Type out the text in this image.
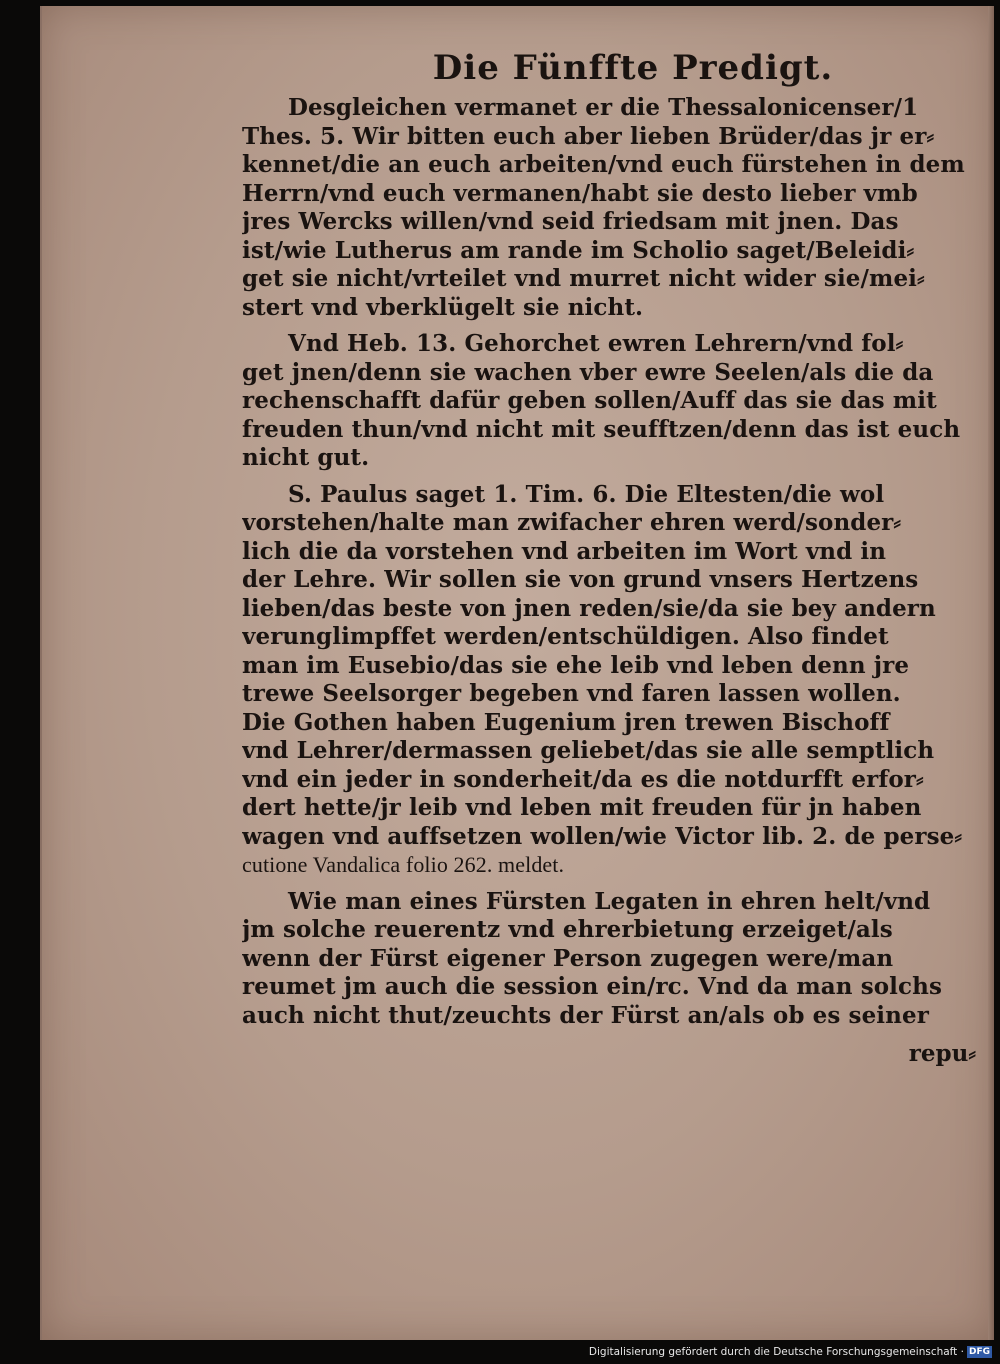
Die Fünffte Predigt.
Desgleichen vermanet er die Thessalonicenser/1
Thes. 5. Wir bitten euch aber lieben Brüder/das jr er⸗
kennet/die an euch arbeiten/vnd euch fürstehen in dem
Herrn/vnd euch vermanen/habt sie desto lieber vmb
jres Wercks willen/vnd seid friedsam mit jnen. Das
ist/wie Lutherus am rande im Scholio saget/Beleidi⸗
get sie nicht/vrteilet vnd murret nicht wider sie/mei⸗
stert vnd vberklügelt sie nicht.
Vnd Heb. 13. Gehorchet ewren Lehrern/vnd fol⸗
get jnen/denn sie wachen vber ewre Seelen/als die da
rechenschafft dafür geben sollen/Auff das sie das mit
freuden thun/vnd nicht mit seufftzen/denn das ist euch
nicht gut.
S. Paulus saget 1. Tim. 6. Die Eltesten/die wol
vorstehen/halte man zwifacher ehren werd/sonder⸗
lich die da vorstehen vnd arbeiten im Wort vnd in
der Lehre. Wir sollen sie von grund vnsers Hertzens
lieben/das beste von jnen reden/sie/da sie bey andern
verunglimpffet werden/entschüldigen. Also findet
man im Eusebio/das sie ehe leib vnd leben denn jre
trewe Seelsorger begeben vnd faren lassen wollen.
Die Gothen haben Eugenium jren trewen Bischoff
vnd Lehrer/dermassen geliebet/das sie alle semptlich
vnd ein jeder in sonderheit/da es die notdurfft erfor⸗
dert hette/jr leib vnd leben mit freuden für jn haben
wagen vnd auffsetzen wollen/wie Victor lib. 2. de perse⸗
cutione Vandalica folio 262. meldet.
Wie man eines Fürsten Legaten in ehren helt/vnd
jm solche reuerentz vnd ehrerbietung erzeiget/als
wenn der Fürst eigener Person zugegen were/man
reumet jm auch die session ein/rc. Vnd da man solchs
auch nicht thut/zeuchts der Fürst an/als ob es seiner
repu⸗
Digitalisierung gefördert durch die Deutsche Forschungsgemeinschaft · DFG
